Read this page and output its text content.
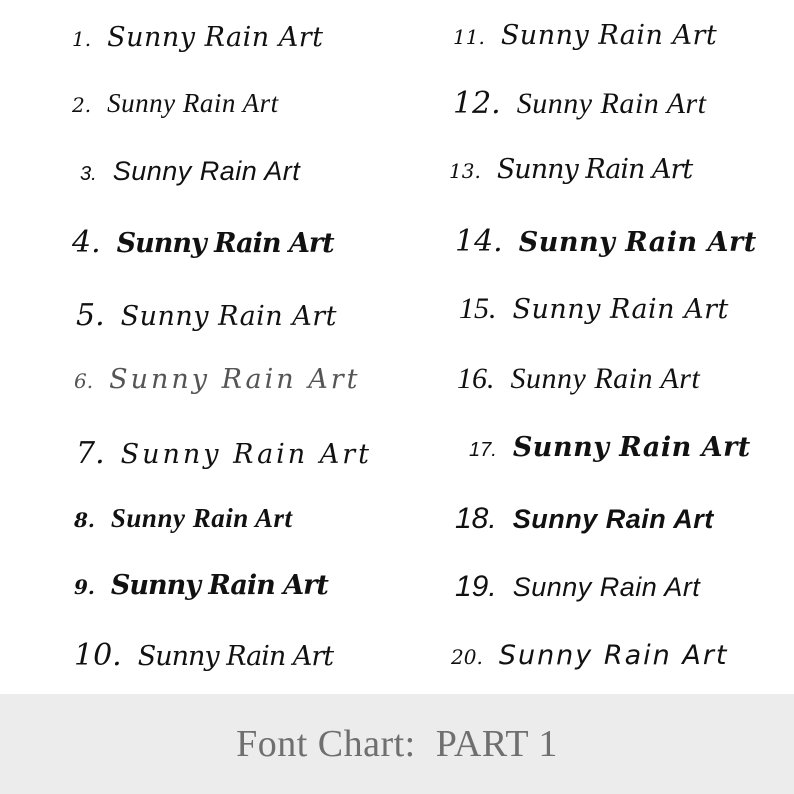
1. Sunny Rain Art
2. Sunny Rain Art
3. Sunny Rain Art
4. Sunny Rain Art
5. Sunny Rain Art
6. Sunny Rain Art
7. Sunny Rain Art
8. Sunny Rain Art
9. Sunny Rain Art
10. Sunny Rain Art
11. Sunny Rain Art
12. Sunny Rain Art
13. Sunny Rain Art
14. Sunny Rain Art
15. Sunny Rain Art
16. Sunny Rain Art
17. Sunny Rain Art
18. Sunny Rain Art
19. Sunny Rain Art
20. Sunny Rain Art
Font Chart:  PART 1
